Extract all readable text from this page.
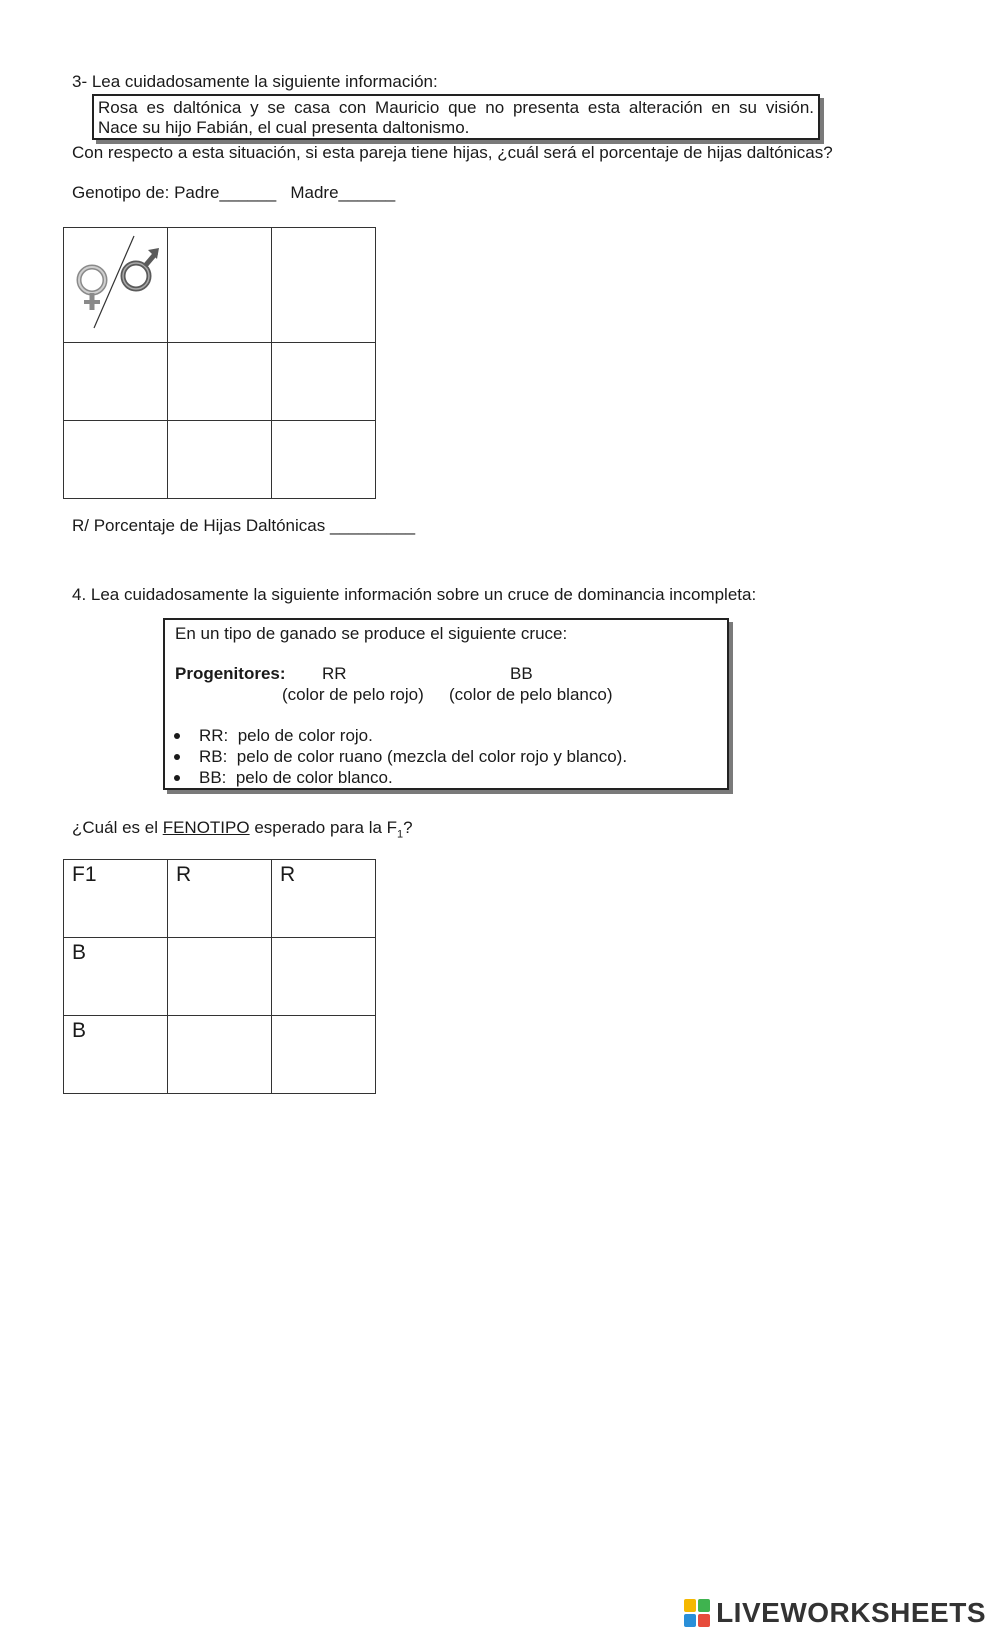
3- Lea cuidadosamente la siguiente información:
Rosa es daltónica y se casa con Mauricio que no presenta esta alteración en su visión.
Nace su hijo Fabián, el cual presenta daltonismo.
Con respecto a esta situación, si esta pareja tiene hijas, ¿cuál será el porcentaje de hijas daltónicas?
Genotipo de: Padre______   Madre______
R/ Porcentaje de Hijas Daltónicas _________
4. Lea cuidadosamente la siguiente información sobre un cruce de dominancia incompleta:
En un tipo de ganado se produce el siguiente cruce:
Progenitores: RR	BB
(color de pelo rojo) (color de pelo blanco)
RR:  pelo de color rojo.
RB:  pelo de color ruano (mezcla del color rojo y blanco).
BB:  pelo de color blanco.
¿Cuál es el FENOTIPO esperado para la $F_1$?
F1	R	R
B
B
LIVEWORKSHEETS
